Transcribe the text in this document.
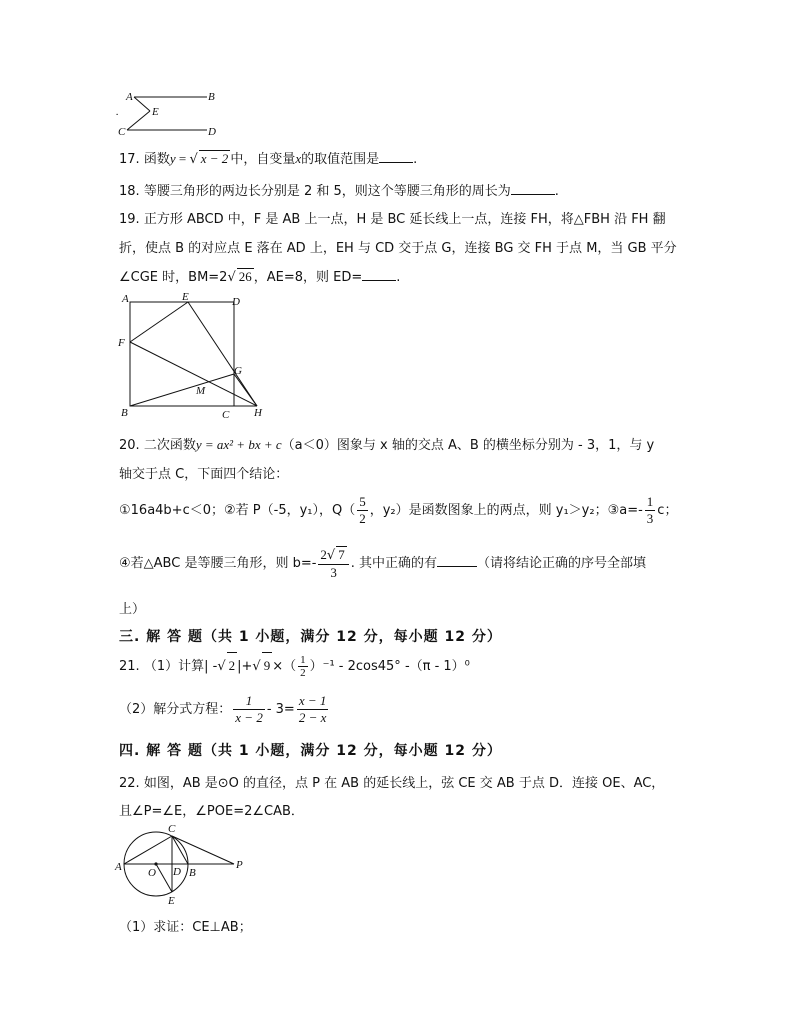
A	B
E
C	D
.
17. 函数y = √ x − 2 中，自变量x的取值范围是	.
18. 等腰三角形的两边长分别是 2 和 5，则这个等腰三角形的周长为	.
19. 正方形 ABCD 中，F 是 AB 上一点，H 是 BC 延长线上一点，连接 FH，将△FBH 沿 FH 翻
折，使点 B 的对应点 E 落在 AD 上，EH 与 CD 交于点 G，连接 BG 交 FH 于点 M，当 GB 平分
∠CGE 时，BM=2√ 26 ，AE=8，则 ED=	.
A	E	D
F
G
M
B	C H
20. 二次函数y = ax² + bx + c（a＜0）图象与 x 轴的交点 A、B 的横坐标分别为 - 3，1，与 y
轴交于点 C，下面四个结论：
①16a4b+c＜0；②若 P（-5，y₁），$Q( \frac{5}{2}$ ，y₂）是函数图象上的两点，则 y₁＞y₂；③a=- $\frac{1}{3}$ c；
④若△ABC 是等腰三角形，则 $b=- \frac{2√ 7}{3}$ . 其中正确的有	（请将结论正确的序号全部填
上）
三. 解 答 题（共 1 小题，满分 12 分，每小题 12 分）
21. （1）计算| -√ 2 |+√ 9 ×（ $\frac{1}{2} )^{-1} - 2\cos 45^\circ$ -（π - 1）⁰
（2）解分式方程： $\frac{1}{x - 2} - 3= \frac{x - 1}{2 - x}$
四. 解 答 题（共 1 小题，满分 12 分，每小题 12 分）
22. 如图，AB 是⊙O 的直径，点 P 在 AB 的延长线上，弦 CE 交 AB 于点 D．连接 OE、AC，
且∠P=∠E，∠POE=2∠CAB．
C
A O D B
P
E
（1）求证：CE⊥AB；
